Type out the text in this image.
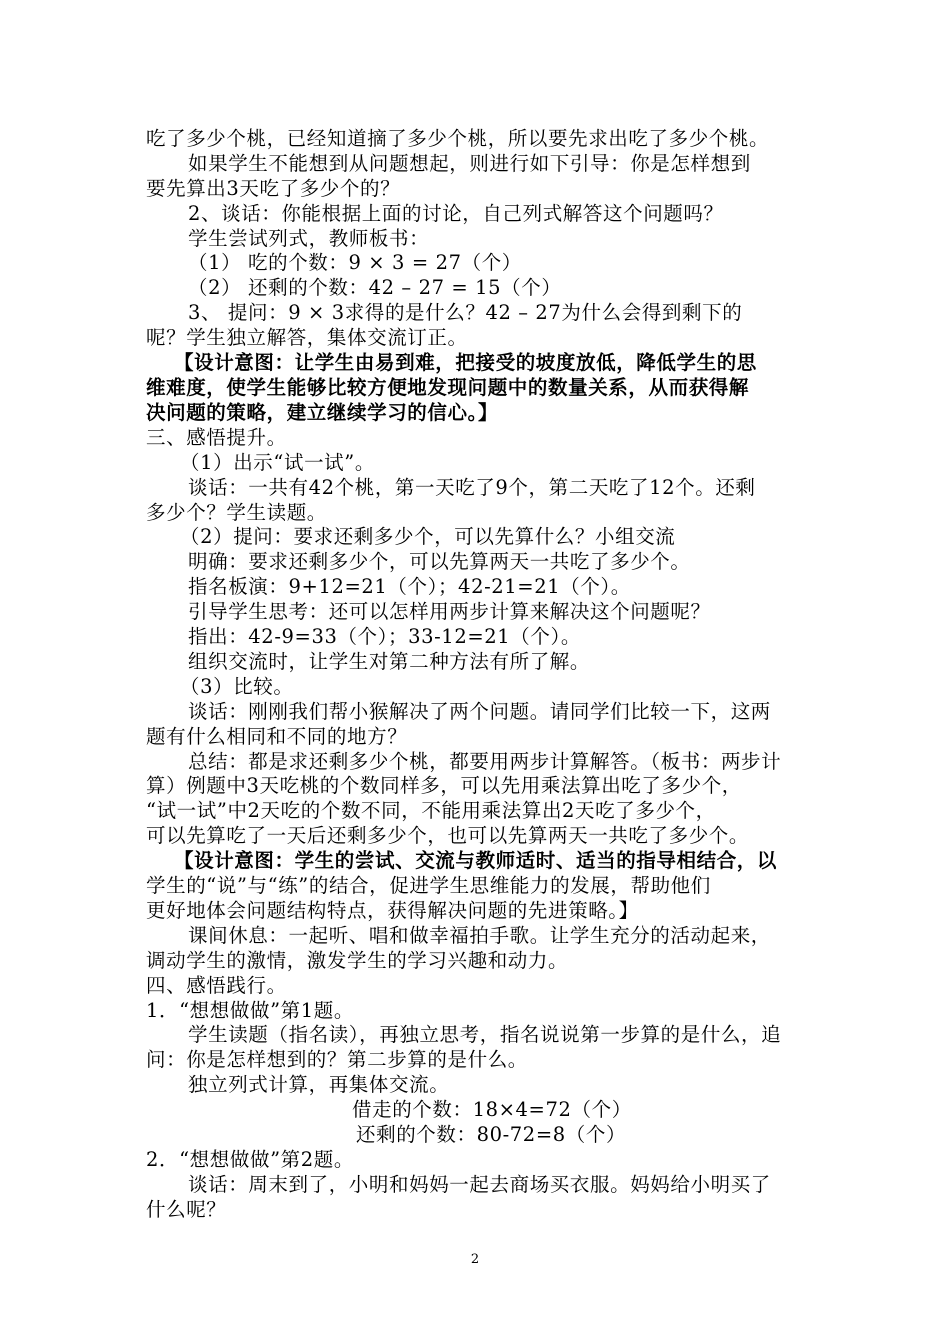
吃了多少个桃，已经知道摘了多少个桃，所以要先求出吃了多少个桃。
如果学生不能想到从问题想起，则进行如下引导：你是怎样想到
要先算出3天吃了多少个的？
2、谈话：你能根据上面的讨论，自己列式解答这个问题吗？
学生尝试列式，教师板书：
（1） 吃的个数：9 × 3 = 27（个）
（2） 还剩的个数：42 – 27 = 15（个）
3、 提问：9 × 3求得的是什么？42 – 27为什么会得到剩下的
呢？学生独立解答，集体交流订正。
【设计意图：让学生由易到难，把接受的坡度放低，降低学生的思
维难度，使学生能够比较方便地发现问题中的数量关系，从而获得解
决问题的策略，建立继续学习的信心。】
三、感悟提升。
（1）出示“试一试”。
谈话：一共有42个桃，第一天吃了9个，第二天吃了12个。还剩
多少个？学生读题。
（2）提问：要求还剩多少个，可以先算什么？小组交流
明确：要求还剩多少个，可以先算两天一共吃了多少个。
指名板演：9+12=21（个）；42-21=21（个）。
引导学生思考：还可以怎样用两步计算来解决这个问题呢？
指出：42-9=33（个）；33-12=21（个）。
组织交流时，让学生对第二种方法有所了解。
（3）比较。
谈话：刚刚我们帮小猴解决了两个问题。请同学们比较一下，这两
题有什么相同和不同的地方？
总结：都是求还剩多少个桃，都要用两步计算解答。（板书：两步计
算）例题中3天吃桃的个数同样多，可以先用乘法算出吃了多少个，
“试一试”中2天吃的个数不同，不能用乘法算出2天吃了多少个，
可以先算吃了一天后还剩多少个，也可以先算两天一共吃了多少个。
【设计意图：学生的尝试、交流与教师适时、适当的指导相结合，以
学生的“说”与“练”的结合，促进学生思维能力的发展，帮助他们
更好地体会问题结构特点，获得解决问题的先进策略。】
课间休息：一起听、唱和做幸福拍手歌。让学生充分的活动起来，
调动学生的激情，激发学生的学习兴趣和动力。
四、感悟践行。
1．“想想做做”第1题。
学生读题（指名读），再独立思考，指名说说第一步算的是什么，追
问：你是怎样想到的？第二步算的是什么。
独立列式计算，再集体交流。
借走的个数：18×4=72（个）
还剩的个数：80-72=8（个）
2．“想想做做”第2题。
谈话：周末到了，小明和妈妈一起去商场买衣服。妈妈给小明买了
什么呢？
2
